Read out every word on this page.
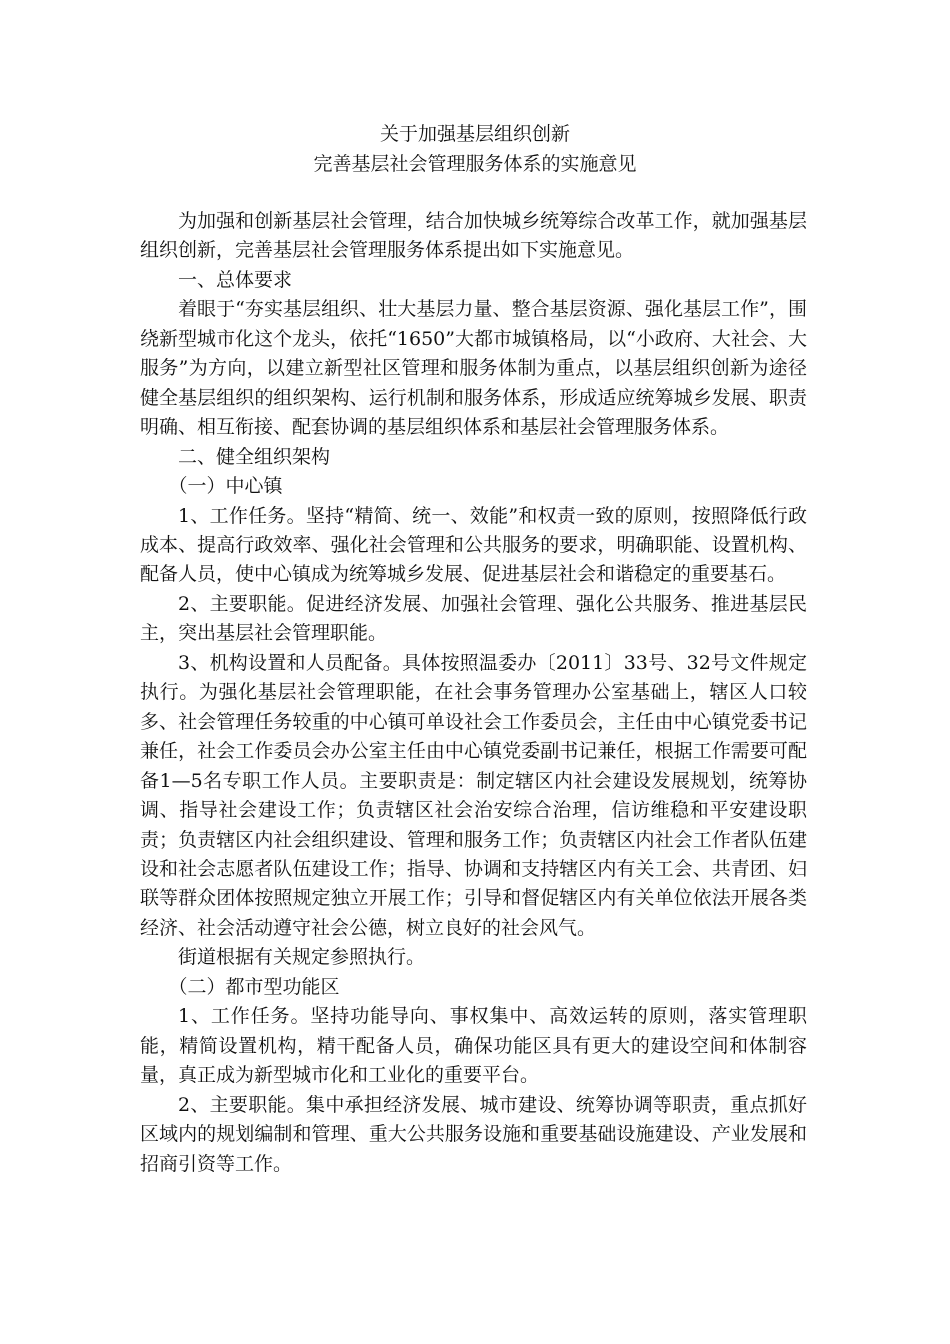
关于加强基层组织创新
完善基层社会管理服务体系的实施意见

为加强和创新基层社会管理，结合加快城乡统筹综合改革工作，就加强基层组织创新，完善基层社会管理服务体系提出如下实施意见。

一、总体要求

着眼于“夯实基层组织、壮大基层力量、整合基层资源、强化基层工作”，围绕新型城市化这个龙头，依托“1650”大都市城镇格局，以“小政府、大社会、大服务”为方向，以建立新型社区管理和服务体制为重点，以基层组织创新为途径健全基层组织的组织架构、运行机制和服务体系，形成适应统筹城乡发展、职责明确、相互衔接、配套协调的基层组织体系和基层社会管理服务体系。

二、健全组织架构

（一）中心镇

1、工作任务。坚持“精简、统一、效能”和权责一致的原则，按照降低行政成本、提高行政效率、强化社会管理和公共服务的要求，明确职能、设置机构、配备人员，使中心镇成为统筹城乡发展、促进基层社会和谐稳定的重要基石。

2、主要职能。促进经济发展、加强社会管理、强化公共服务、推进基层民主，突出基层社会管理职能。

3、机构设置和人员配备。具体按照温委办〔2011〕33号、32号文件规定执行。为强化基层社会管理职能，在社会事务管理办公室基础上，辖区人口较多、社会管理任务较重的中心镇可单设社会工作委员会，主任由中心镇党委书记兼任，社会工作委员会办公室主任由中心镇党委副书记兼任，根据工作需要可配备1—5名专职工作人员。主要职责是：制定辖区内社会建设发展规划，统筹协调、指导社会建设工作；负责辖区社会治安综合治理，信访维稳和平安建设职责；负责辖区内社会组织建设、管理和服务工作；负责辖区内社会工作者队伍建设和社会志愿者队伍建设工作；指导、协调和支持辖区内有关工会、共青团、妇联等群众团体按照规定独立开展工作；引导和督促辖区内有关单位依法开展各类经济、社会活动遵守社会公德，树立良好的社会风气。

街道根据有关规定参照执行。

（二）都市型功能区

1、工作任务。坚持功能导向、事权集中、高效运转的原则，落实管理职能，精简设置机构，精干配备人员，确保功能区具有更大的建设空间和体制容量，真正成为新型城市化和工业化的重要平台。

2、主要职能。集中承担经济发展、城市建设、统筹协调等职责，重点抓好区域内的规划编制和管理、重大公共服务设施和重要基础设施建设、产业发展和招商引资等工作。
